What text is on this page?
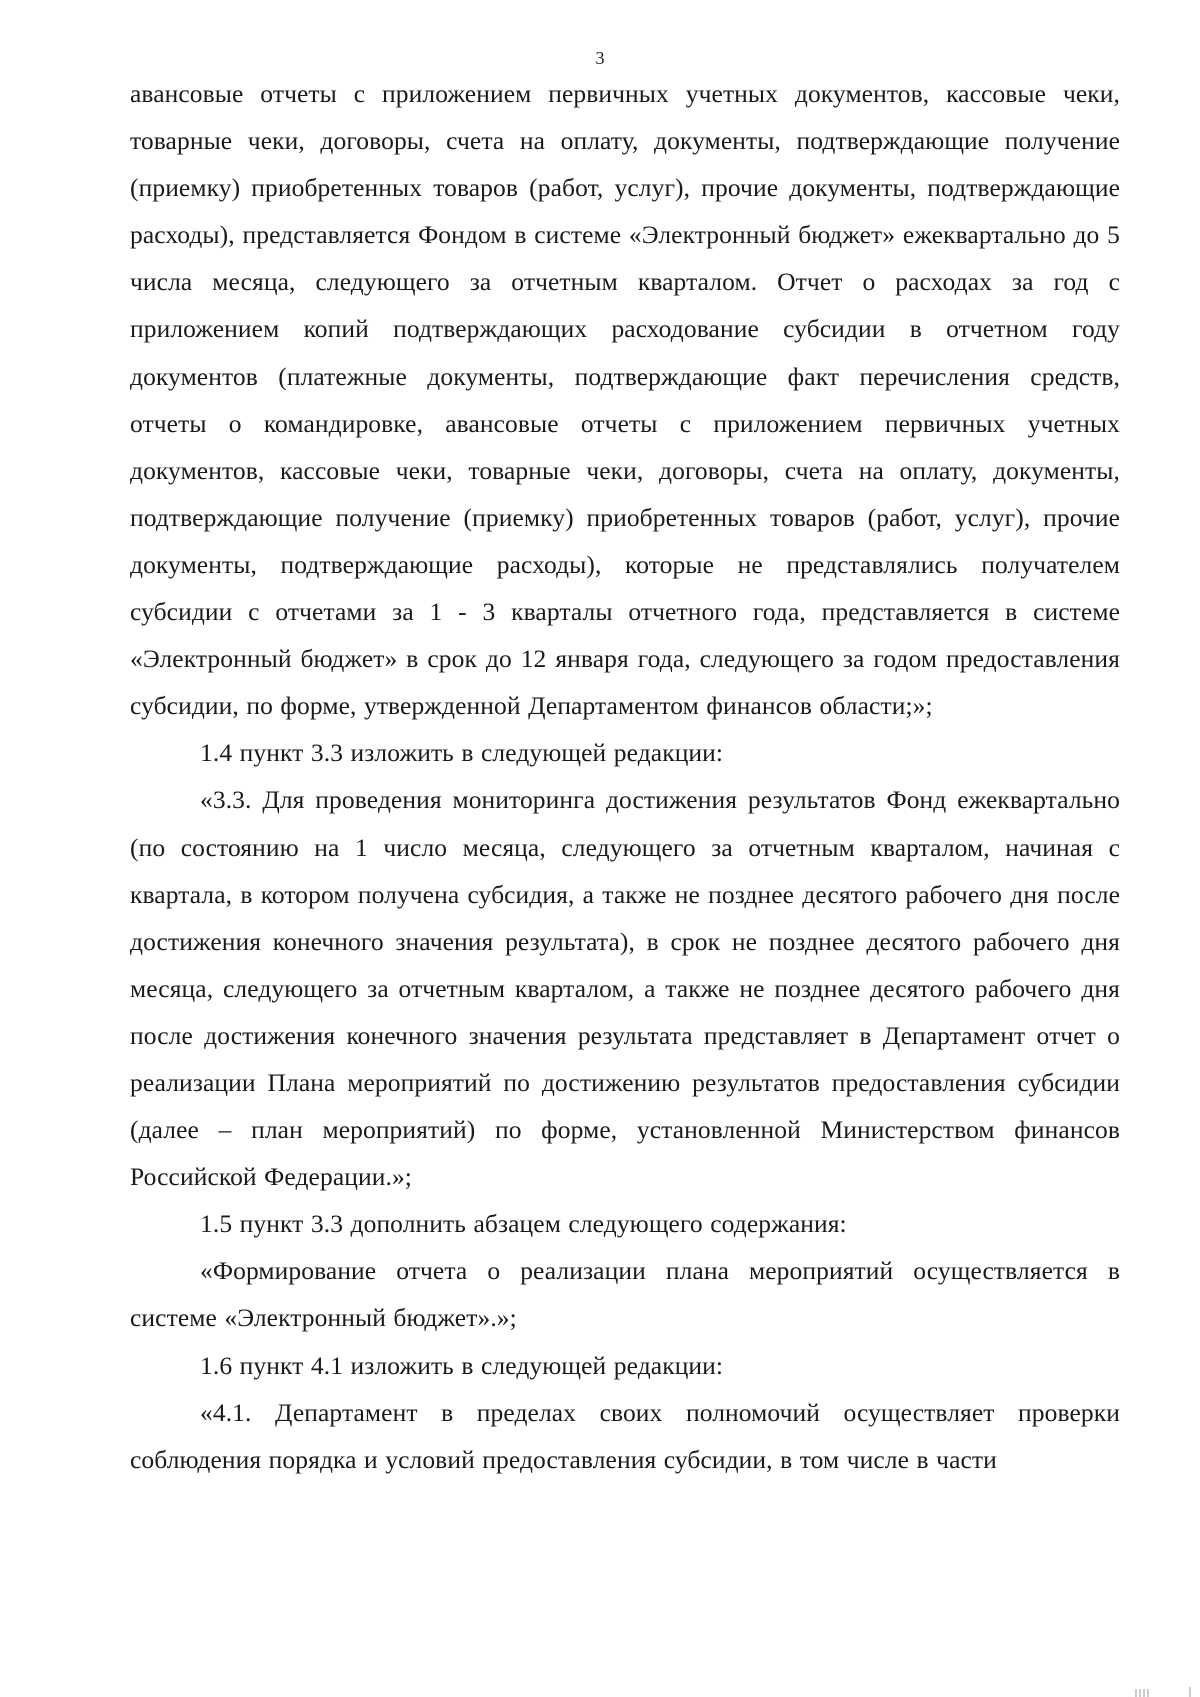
3

авансовые отчеты с приложением первичных учетных документов, кассовые чеки, товарные чеки, договоры, счета на оплату, документы, подтверждающие получение (приемку) приобретенных товаров (работ, услуг), прочие документы, подтверждающие расходы), представляется Фондом в системе «Электронный бюджет» ежеквартально до 5 числа месяца, следующего за отчетным кварталом. Отчет о расходах за год с приложением копий подтверждающих расходование субсидии в отчетном году документов (платежные документы, подтверждающие факт перечисления средств, отчеты о командировке, авансовые отчеты с приложением первичных учетных документов, кассовые чеки, товарные чеки, договоры, счета на оплату, документы, подтверждающие получение (приемку) приобретенных товаров (работ, услуг), прочие документы, подтверждающие расходы), которые не представлялись получателем субсидии с отчетами за 1 - 3 кварталы отчетного года, представляется в системе «Электронный бюджет» в срок до 12 января года, следующего за годом предоставления субсидии, по форме, утвержденной Департаментом финансов области;»;

1.4 пункт 3.3 изложить в следующей редакции:

«3.3. Для проведения мониторинга достижения результатов Фонд ежеквартально (по состоянию на 1 число месяца, следующего за отчетным кварталом, начиная с квартала, в котором получена субсидия, а также не позднее десятого рабочего дня после достижения конечного значения результата), в срок не позднее десятого рабочего дня месяца, следующего за отчетным кварталом, а также не позднее десятого рабочего дня после достижения конечного значения результата представляет в Департамент отчет о реализации Плана мероприятий по достижению результатов предоставления субсидии (далее – план мероприятий) по форме, установленной Министерством финансов Российской Федерации.»;

1.5 пункт 3.3 дополнить абзацем следующего содержания:

«Формирование отчета о реализации плана мероприятий осуществляется в системе «Электронный бюджет».»;

1.6 пункт 4.1 изложить в следующей редакции:

«4.1. Департамент в пределах своих полномочий осуществляет проверки соблюдения порядка и условий предоставления субсидии, в том числе в части
